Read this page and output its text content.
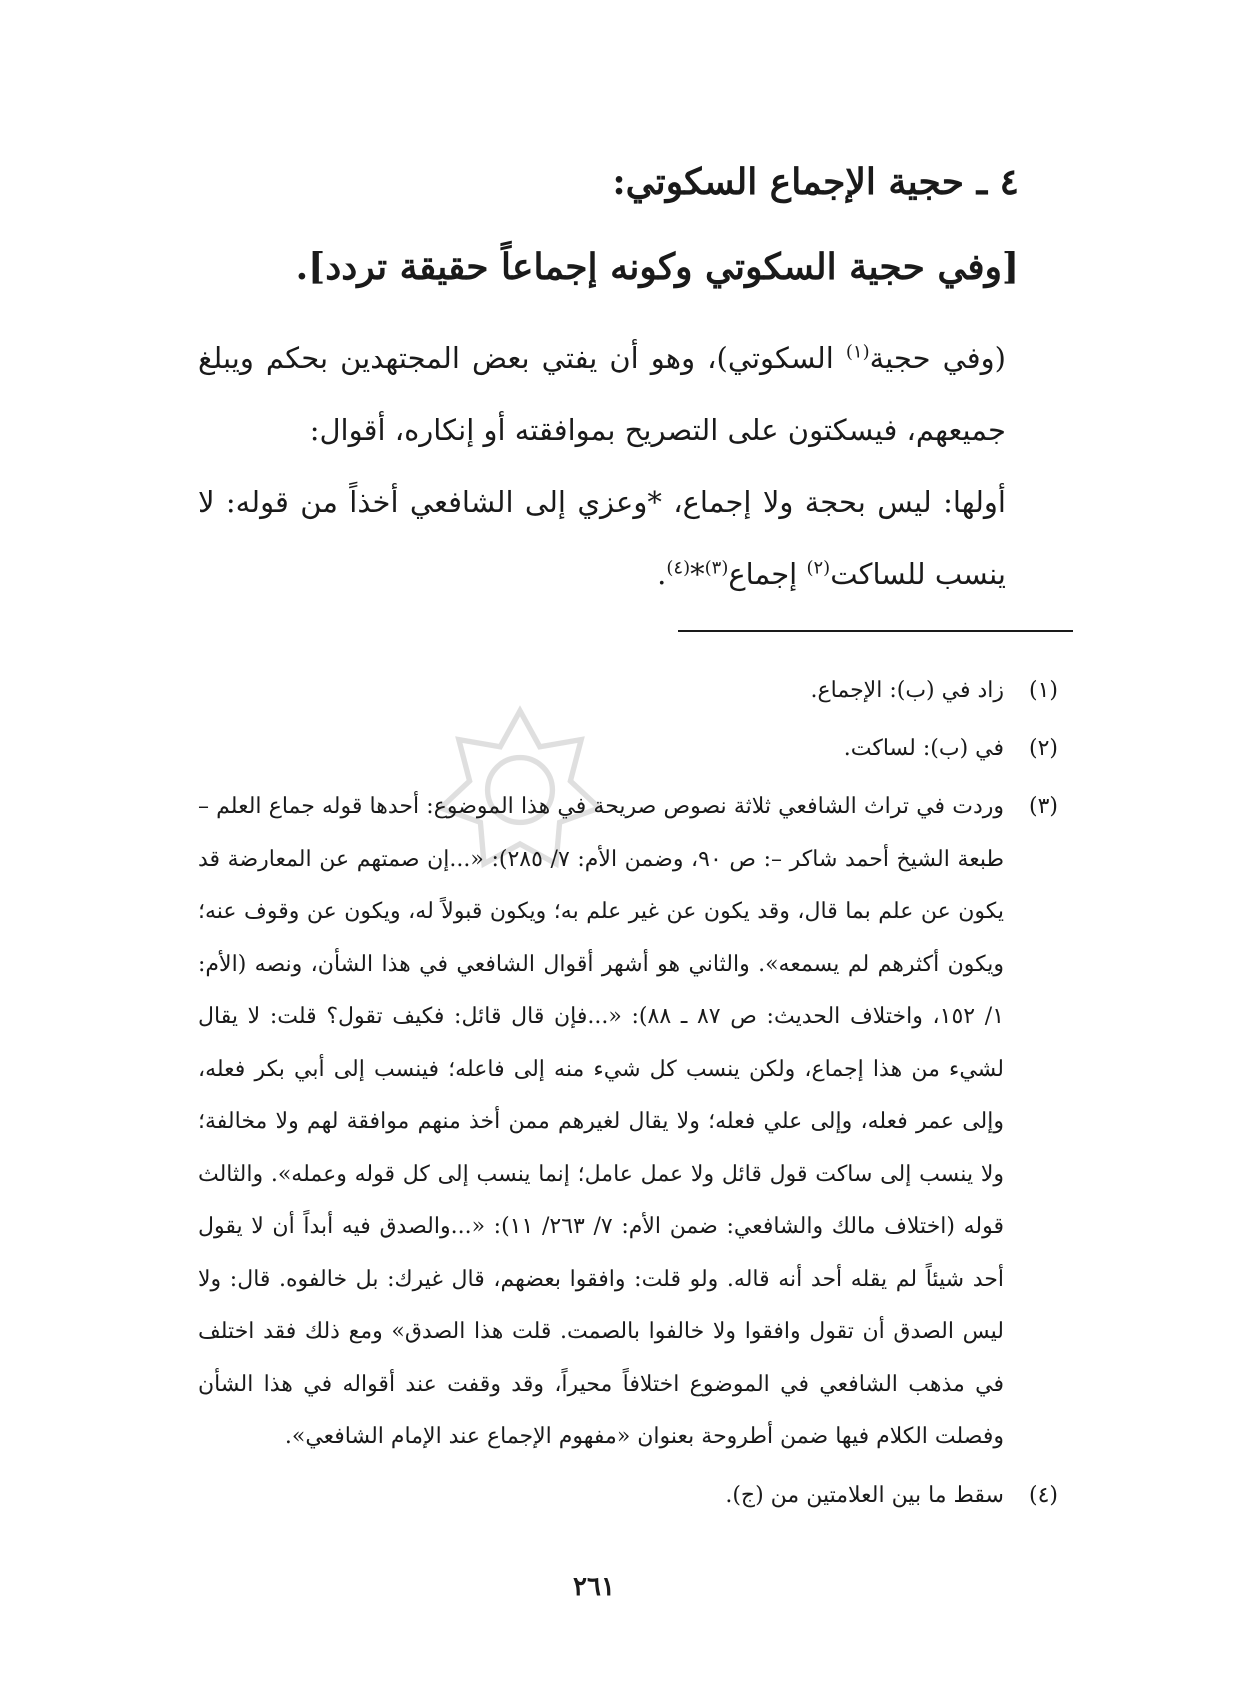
٤ ـ حجية الإجماع السكوتي:
[وفي حجية السكوتي وكونه إجماعاً حقيقة تردد].
(وفي حجية$^{(١)}$ السكوتي)، وهو أن يفتي بعض المجتهدين بحكم ويبلغ جميعهم، فيسكتون على التصريح بموافقته أو إنكاره، أقوال:
أولها: ليس بحجة ولا إجماع، *وعزي إلى الشافعي أخذاً من قوله: لا ينسب للساكت$^{(٢)}$ إجماع$^{(٣)}$*$^{(٤)}$.
(١)
زاد في (ب): الإجماع.
(٢)
في (ب): لساكت.
(٣)
وردت في تراث الشافعي ثلاثة نصوص صريحة في هذا الموضوع: أحدها قوله جماع العلم – طبعة الشيخ أحمد شاكر –: ص ٩٠، وضمن الأم: ٧/ ٢٨٥): «...إن صمتهم عن المعارضة قد يكون عن علم بما قال، وقد يكون عن غير علم به؛ ويكون قبولاً له، ويكون عن وقوف عنه؛ ويكون أكثرهم لم يسمعه». والثاني هو أشهر أقوال الشافعي في هذا الشأن، ونصه (الأم: ١/ ١٥٢، واختلاف الحديث: ص ٨٧ ـ ٨٨): «...فإن قال قائل: فكيف تقول؟ قلت: لا يقال لشيء من هذا إجماع، ولكن ينسب كل شيء منه إلى فاعله؛ فينسب إلى أبي بكر فعله، وإلى عمر فعله، وإلى علي فعله؛ ولا يقال لغيرهم ممن أخذ منهم موافقة لهم ولا مخالفة؛ ولا ينسب إلى ساكت قول قائل ولا عمل عامل؛ إنما ينسب إلى كل قوله وعمله». والثالث قوله (اختلاف مالك والشافعي: ضمن الأم: ٧/ ٢٦٣/ ١١): «...والصدق فيه أبداً أن لا يقول أحد شيئاً لم يقله أحد أنه قاله. ولو قلت: وافقوا بعضهم، قال غيرك: بل خالفوه. قال: ولا ليس الصدق أن تقول وافقوا ولا خالفوا بالصمت. قلت هذا الصدق» ومع ذلك فقد اختلف في مذهب الشافعي في الموضوع اختلافاً محيراً، وقد وقفت عند أقواله في هذا الشأن وفصلت الكلام فيها ضمن أطروحة بعنوان «مفهوم الإجماع عند الإمام الشافعي».
(٤)
سقط ما بين العلامتين من (ج).
٢٦١
